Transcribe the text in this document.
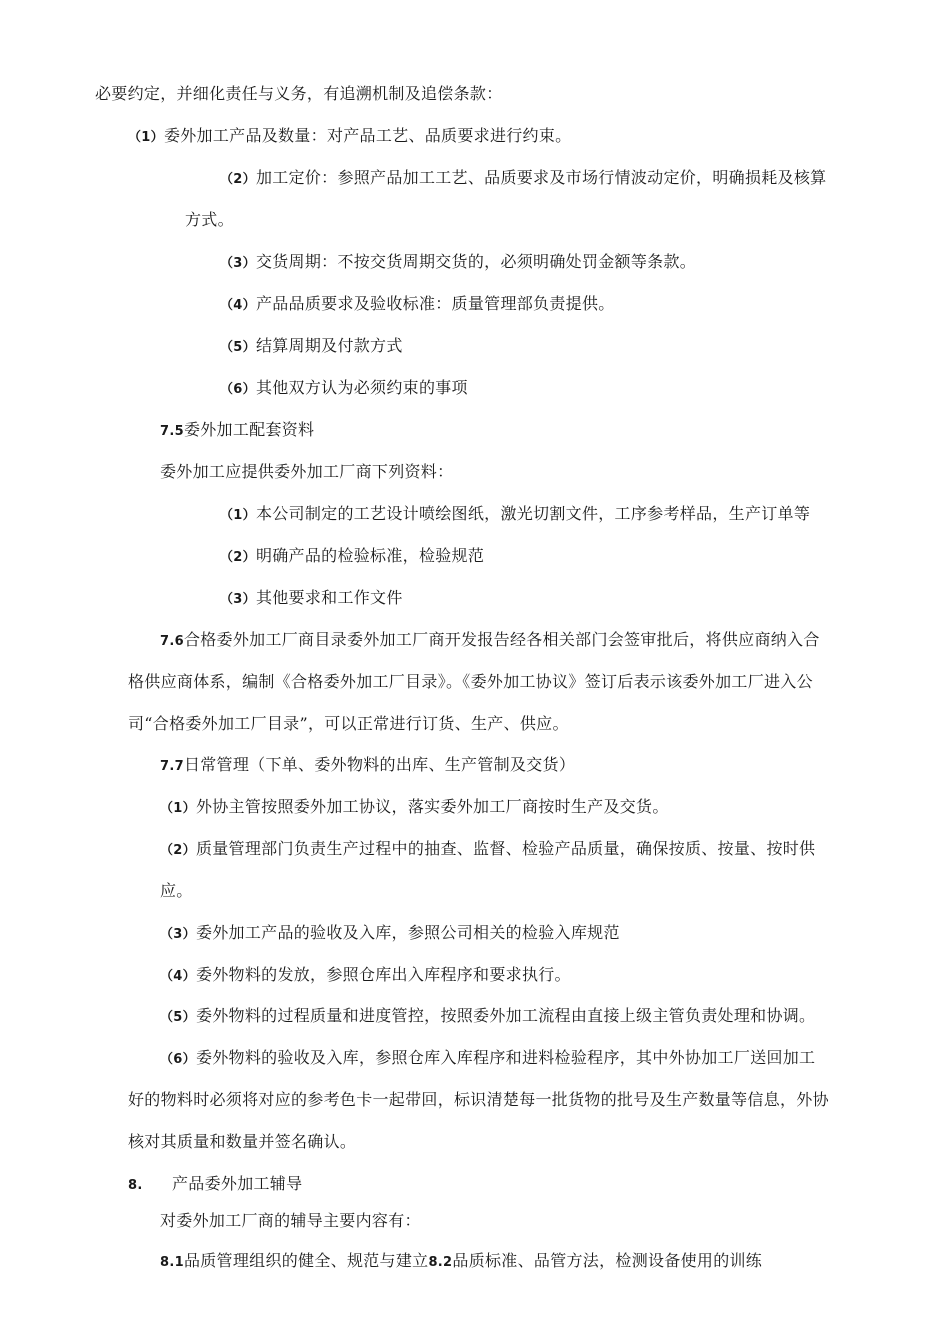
必要约定，并细化责任与义务，有追溯机制及追偿条款：
（1）委外加工产品及数量：对产品工艺、品质要求进行约束。
（2）加工定价：参照产品加工工艺、品质要求及市场行情波动定价，明确损耗及核算
方式。
（3）交货周期：不按交货周期交货的，必须明确处罚金额等条款。
（4）产品品质要求及验收标准：质量管理部负责提供。
（5）结算周期及付款方式
（6）其他双方认为必须约束的事项
7.5委外加工配套资料
委外加工应提供委外加工厂商下列资料：
（1）本公司制定的工艺设计喷绘图纸，激光切割文件，工序参考样品，生产订单等
（2）明确产品的检验标准，检验规范
（3）其他要求和工作文件
7.6合格委外加工厂商目录委外加工厂商开发报告经各相关部门会签审批后，将供应商纳入合
格供应商体系，编制《合格委外加工厂目录》。《委外加工协议》签订后表示该委外加工厂进入公
司“合格委外加工厂目录”，可以正常进行订货、生产、供应。
7.7日常管理（下单、委外物料的出库、生产管制及交货）
（1）外协主管按照委外加工协议，落实委外加工厂商按时生产及交货。
（2）质量管理部门负责生产过程中的抽查、监督、检验产品质量，确保按质、按量、按时供
应。
（3）委外加工产品的验收及入库，参照公司相关的检验入库规范
（4）委外物料的发放，参照仓库出入库程序和要求执行。
（5）委外物料的过程质量和进度管控，按照委外加工流程由直接上级主管负责处理和协调。
（6）委外物料的验收及入库，参照仓库入库程序和进料检验程序，其中外协加工厂送回加工
好的物料时必须将对应的参考色卡一起带回，标识清楚每一批货物的批号及生产数量等信息，外协
核对其质量和数量并签名确认。
8. 产品委外加工辅导
对委外加工厂商的辅导主要内容有：
8.1品质管理组织的健全、规范与建立8.2品质标准、品管方法，检测设备使用的训练
